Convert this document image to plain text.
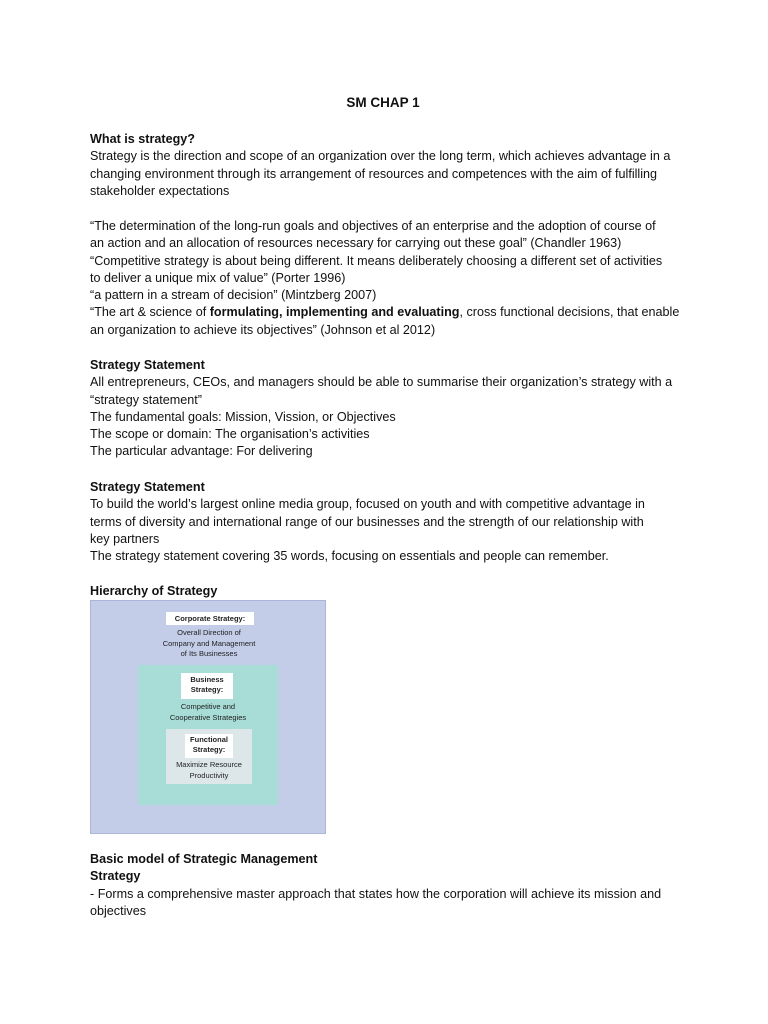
SM CHAP 1

What is strategy?

Strategy is the direction and scope of an organization over the long term, which achieves advantage in a

changing environment through its arrangement of resources and competences with the aim of fulfilling

stakeholder expectations

“The determination of the long-run goals and objectives of an enterprise and the adoption of course of

an action and an allocation of resources necessary for carrying out these goal” (Chandler 1963)

“Competitive strategy is about being different. It means deliberately choosing a different set of activities

to deliver a unique mix of value” (Porter 1996)

“a pattern in a stream of decision” (Mintzberg 2007)

“The art & science of formulating, implementing and evaluating, cross functional decisions, that enable

an organization to achieve its objectives” (Johnson et al 2012)

Strategy Statement

All entrepreneurs, CEOs, and managers should be able to summarise their organization’s strategy with a

“strategy statement”

The fundamental goals: Mission, Vission, or Objectives

The scope or domain: The organisation’s activities

The particular advantage: For delivering

Strategy Statement

To build the world’s largest online media group, focused on youth and with competitive advantage in

terms of diversity and international range of our businesses and the strength of our relationship with

key partners

The strategy statement covering 35 words, focusing on essentials and people can remember.

Hierarchy of Strategy

Basic model of Strategic Management

Strategy

- Forms a comprehensive master approach that states how the corporation will achieve its mission and

objectives

Corporate Strategy:
Overall Direction of
Company and Management
of Its Businesses
Business
Strategy:
Competitive and
Cooperative Strategies
Functional
Strategy:
Maximize Resource
Productivity
